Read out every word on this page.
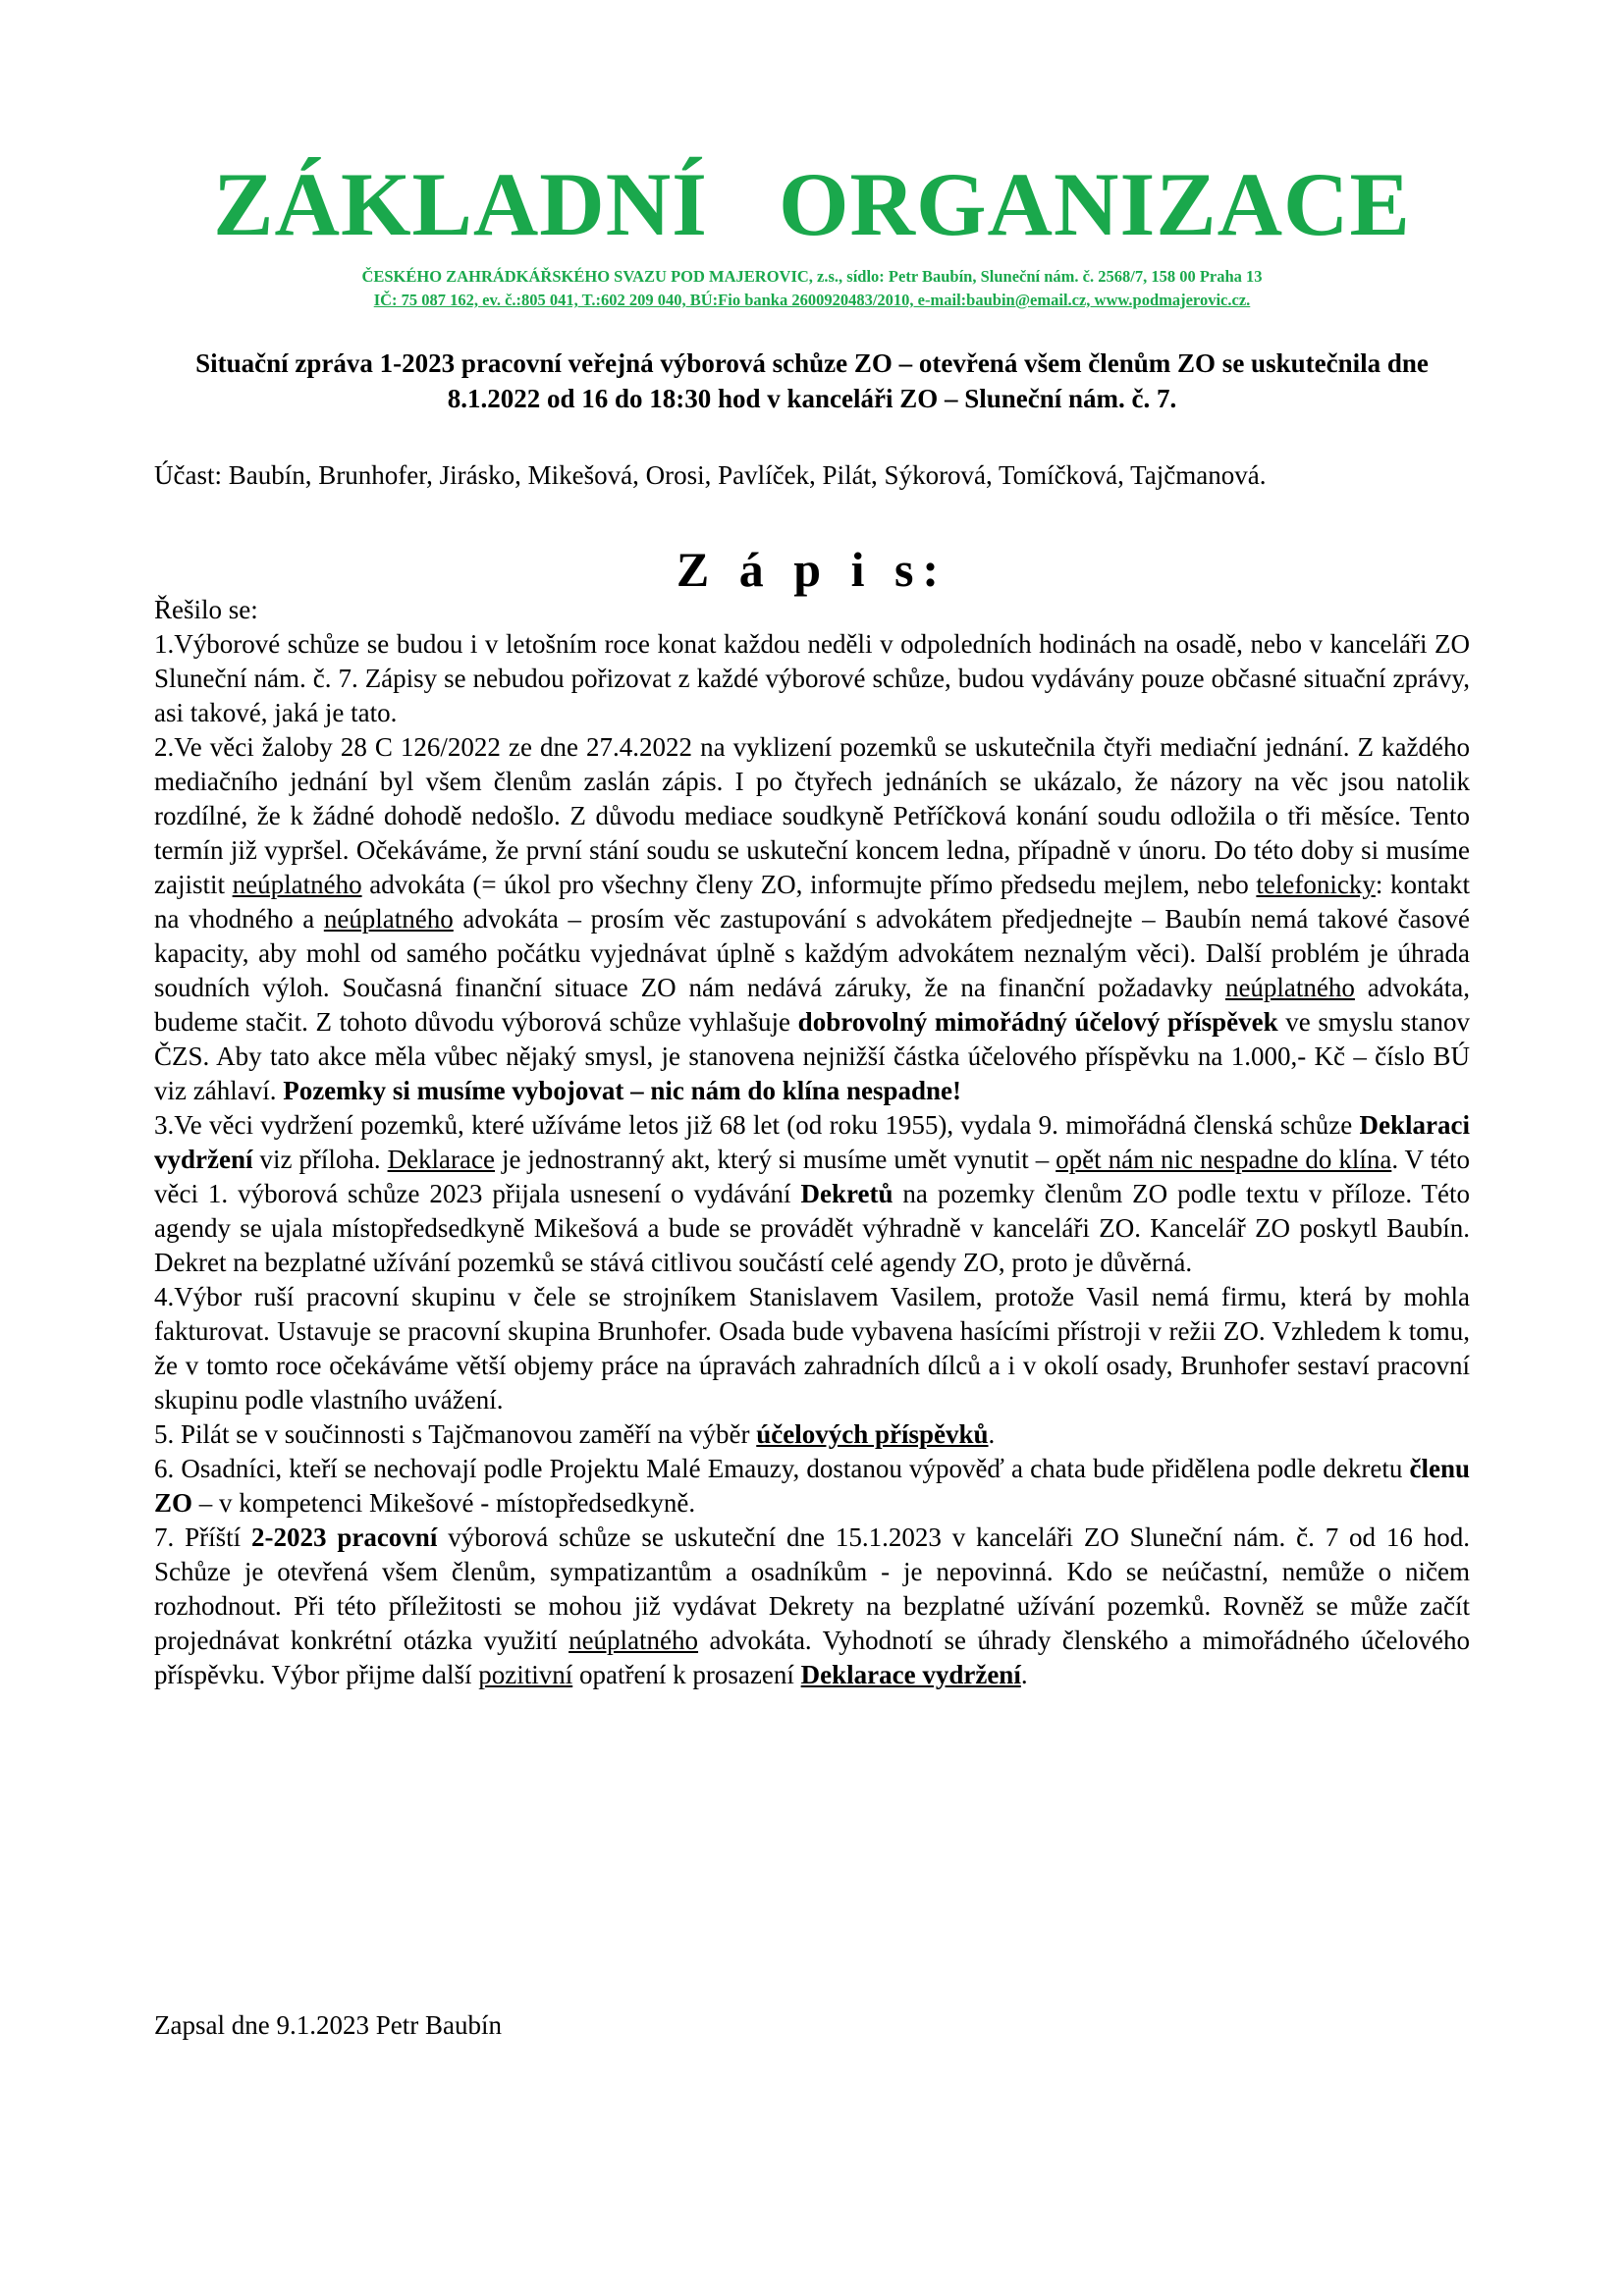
ZÁKLADNÍ ORGANIZACE
ČESKÉHO ZAHRÁDKÁŘSKÉHO SVAZU POD MAJEROVIC, z.s., sídlo: Petr Baubín, Sluneční nám. č. 2568/7, 158 00 Praha 13
IČ: 75 087 162, ev. č.:805 041, T.:602 209 040, BÚ:Fio banka 2600920483/2010, e-mail:baubin@email.cz, www.podmajerovic.cz.
Situační zpráva 1-2023 pracovní veřejná výborová schůze ZO – otevřená všem členům ZO se uskutečnila dne 8.1.2022 od 16 do 18:30 hod v kanceláři ZO – Sluneční nám. č. 7.
Účast: Baubín, Brunhofer, Jirásko, Mikešová, Orosi, Pavlíček, Pilát, Sýkorová, Tomíčková, Tajčmanová.
Z á p i s:

Řešilo se:

1.Výborové schůze se budou i v letošním roce konat každou neděli v odpoledních hodinách na osadě, nebo v kanceláři ZO Sluneční nám. č. 7. Zápisy se nebudou pořizovat z každé výborové schůze, budou vydávány pouze občasné situační zprávy, asi takové, jaká je tato.

2.Ve věci žaloby 28 C 126/2022 ze dne 27.4.2022 na vyklizení pozemků se uskutečnila čtyři mediační jednání. Z každého mediačního jednání byl všem členům zaslán zápis. I po čtyřech jednáních se ukázalo, že názory na věc jsou natolik rozdílné, že k žádné dohodě nedošlo. Z důvodu mediace soudkyně Petříčková konání soudu odložila o tři měsíce. Tento termín již vypršel. Očekáváme, že první stání soudu se uskuteční koncem ledna, případně v únoru. Do této doby si musíme zajistit neúplatného advokáta (= úkol pro všechny členy ZO, informujte přímo předsedu mejlem, nebo telefonicky: kontakt na vhodného a neúplatného advokáta – prosím věc zastupování s advokátem předjednejte – Baubín nemá takové časové kapacity, aby mohl od samého počátku vyjednávat úplně s každým advokátem neznalým věci). Další problém je úhrada soudních výloh. Současná finanční situace ZO nám nedává záruky, že na finanční požadavky neúplatného advokáta, budeme stačit. Z tohoto důvodu výborová schůze vyhlašuje dobrovolný mimořádný účelový příspěvek ve smyslu stanov ČZS. Aby tato akce měla vůbec nějaký smysl, je stanovena nejnižší částka účelového příspěvku na 1.000,- Kč – číslo BÚ viz záhlaví. Pozemky si musíme vybojovat – nic nám do klína nespadne!

3.Ve věci vydržení pozemků, které užíváme letos již 68 let (od roku 1955), vydala 9. mimořádná členská schůze Deklaraci vydržení viz příloha. Deklarace je jednostranný akt, který si musíme umět vynutit – opět nám nic nespadne do klína. V této věci 1. výborová schůze 2023 přijala usnesení o vydávání Dekretů na pozemky členům ZO podle textu v příloze. Této agendy se ujala místopředsedkyně Mikešová a bude se provádět výhradně v kanceláři ZO. Kancelář ZO poskytl Baubín. Dekret na bezplatné užívání pozemků se stává citlivou součástí celé agendy ZO, proto je důvěrná.

4.Výbor ruší pracovní skupinu v čele se strojníkem Stanislavem Vasilem, protože Vasil nemá firmu, která by mohla fakturovat. Ustavuje se pracovní skupina Brunhofer. Osada bude vybavena hasícími přístroji v režii ZO. Vzhledem k tomu, že v tomto roce očekáváme větší objemy práce na úpravách zahradních dílců a i v okolí osady, Brunhofer sestaví pracovní skupinu podle vlastního uvážení.

5. Pilát se v součinnosti s Tajčmanovou zaměří na výběr účelových příspěvků.

6. Osadníci, kteří se nechovají podle Projektu Malé Emauzy, dostanou výpověď a chata bude přidělena podle dekretu členu ZO – v kompetenci Mikešové - místopředsedkyně.

7. Příští 2-2023 pracovní výborová schůze se uskuteční dne 15.1.2023 v kanceláři ZO Sluneční nám. č. 7 od 16 hod. Schůze je otevřená všem členům, sympatizantům a osadníkům - je nepovinná. Kdo se neúčastní, nemůže o ničem rozhodnout. Při této příležitosti se mohou již vydávat Dekrety na bezplatné užívání pozemků. Rovněž se může začít projednávat konkrétní otázka využití neúplatného advokáta. Vyhodnotí se úhrady členského a mimořádného účelového příspěvku. Výbor přijme další pozitivní opatření k prosazení Deklarace vydržení.

Zapsal dne 9.1.2023 Petr Baubín
